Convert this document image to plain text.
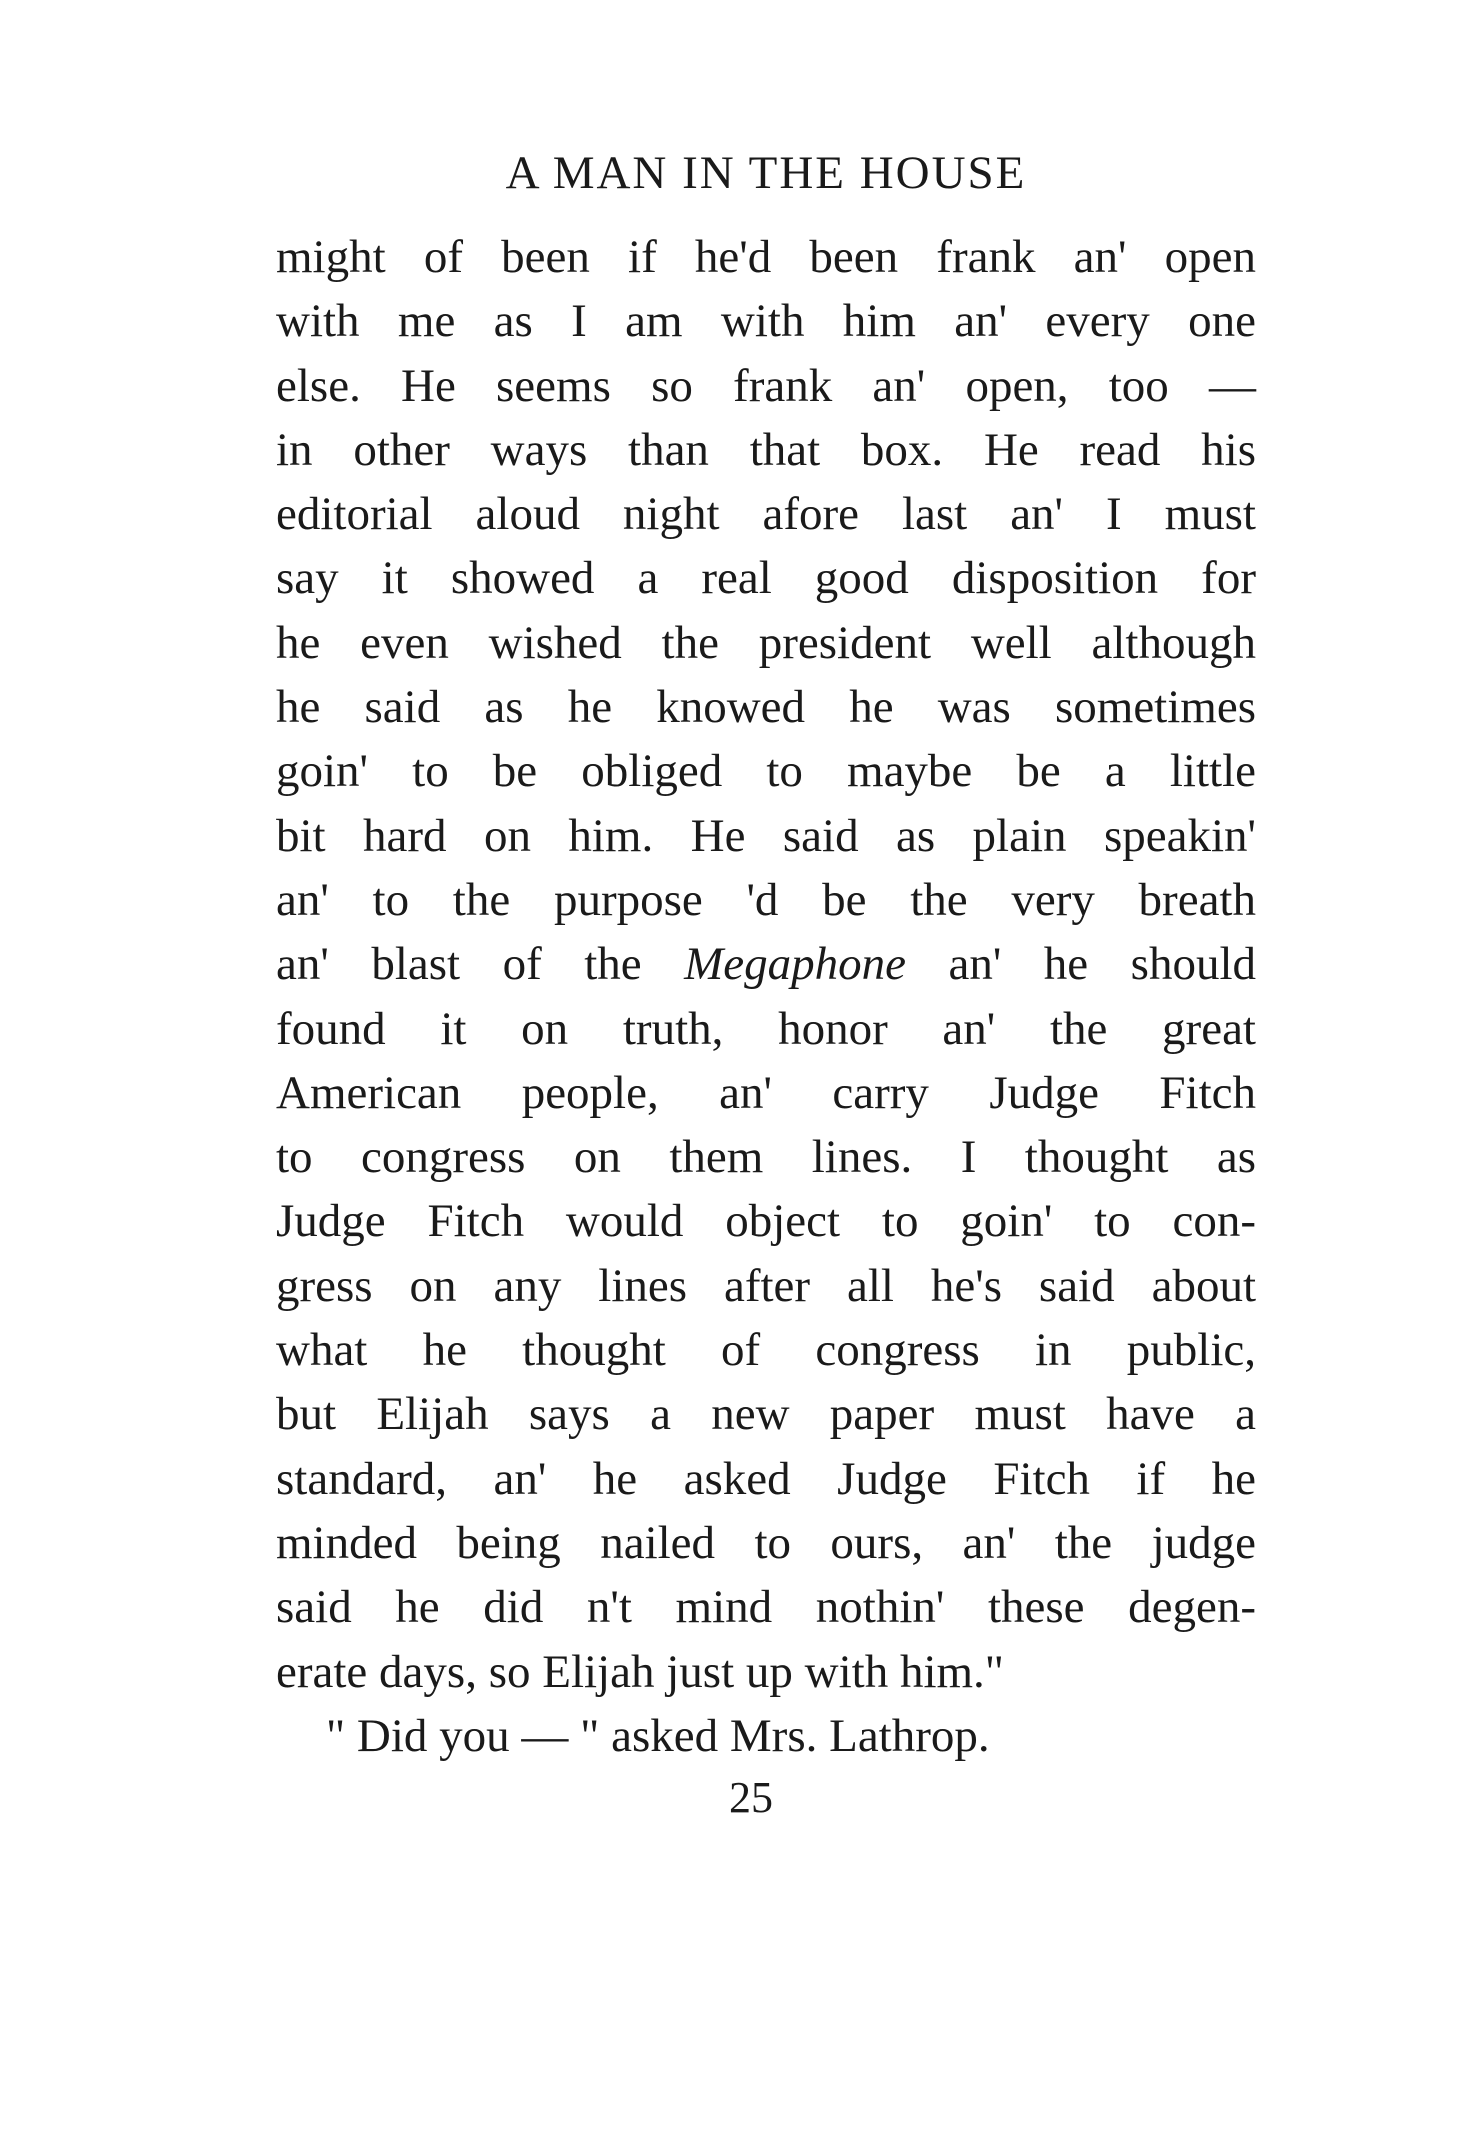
A MAN IN THE HOUSE
might of been if he'd been frank an' open
with me as I am with him an' every one
else. He seems so frank an' open, too —
in other ways than that box. He read his
editorial aloud night afore last an' I must
say it showed a real good disposition for
he even wished the president well although
he said as he knowed he was sometimes
goin' to be obliged to maybe be a little
bit hard on him. He said as plain speakin'
an' to the purpose 'd be the very breath
an' blast of the Megaphone an' he should
found it on truth, honor an' the great
American people, an' carry Judge Fitch
to congress on them lines. I thought as
Judge Fitch would object to goin' to con-
gress on any lines after all he's said about
what he thought of congress in public,
but Elijah says a new paper must have a
standard, an' he asked Judge Fitch if he
minded being nailed to ours, an' the judge
said he did n't mind nothin' these degen-
erate days, so Elijah just up with him."
" Did you — " asked Mrs. Lathrop.
25
